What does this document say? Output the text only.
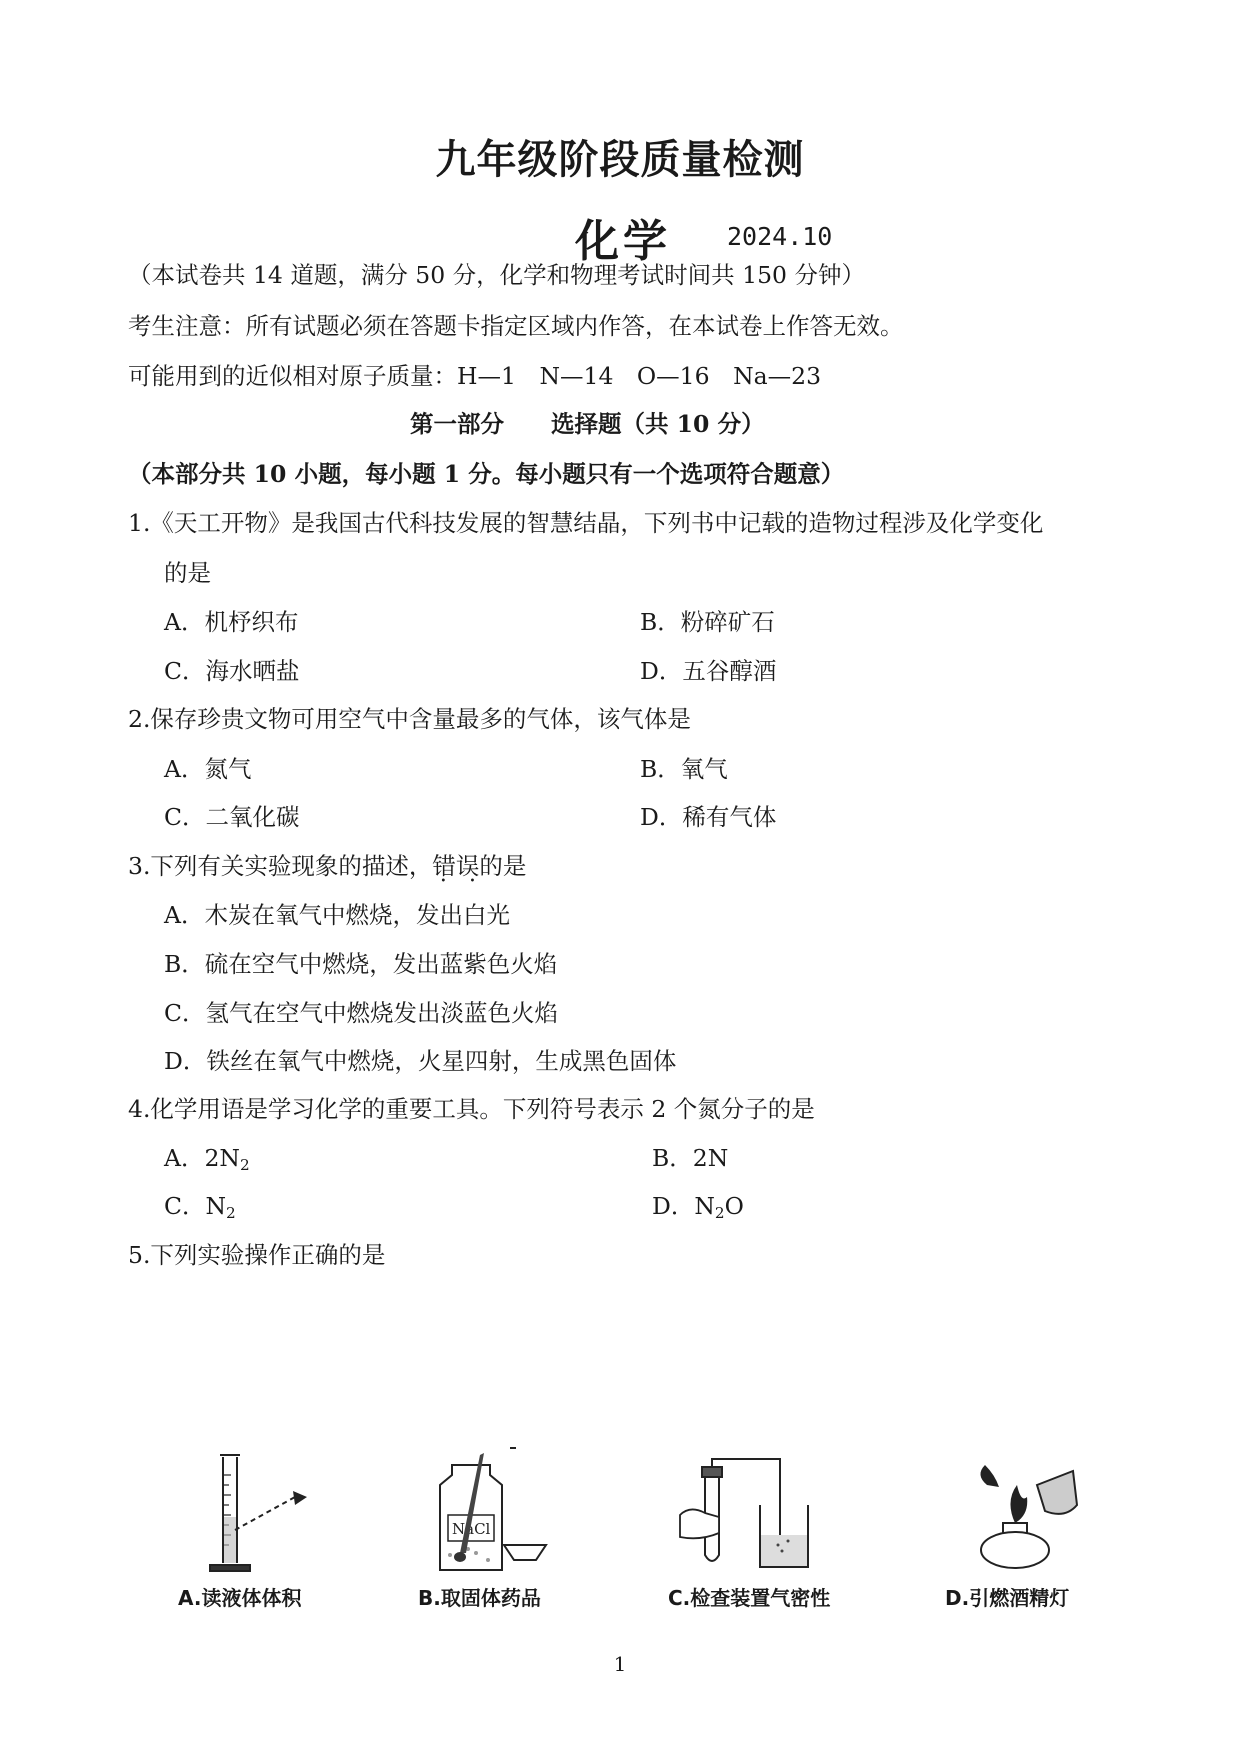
九年级阶段质量检测
化学 2024.10
（本试卷共 14 道题，满分 50 分，化学和物理考试时间共 150 分钟）
考生注意：所有试题必须在答题卡指定区域内作答，在本试卷上作答无效。
可能用到的近似相对原子质量：H—1　N—14　O—16　Na—23
第一部分　　选择题（共 10 分）
（本部分共 10 小题，每小题 1 分。每小题只有一个选项符合题意）
1.《天工开物》是我国古代科技发展的智慧结晶，下列书中记载的造物过程涉及化学变化
的是
A．机杼织布	B．粉碎矿石
C．海水晒盐	D．五谷醇酒
2.保存珍贵文物可用空气中含量最多的气体，该气体是
A．氮气	B．氧气
C．二氧化碳	D．稀有气体
3.下列有关实验现象的描述，错误 • •的是
A．木炭在氧气中燃烧，发出白光
B．硫在空气中燃烧，发出蓝紫色火焰
C．氢气在空气中燃烧发出淡蓝色火焰
D．铁丝在氧气中燃烧，火星四射，生成黑色固体
4.化学用语是学习化学的重要工具。下列符号表示 2 个氮分子的是
A．$2N_2$	B．2N
C．$N_2$	D．$N_2O$
5.下列实验操作正确的是
A.读液体体积
NaCl
B.取固体药品	C.检查装置气密性	D.引燃酒精灯
1
